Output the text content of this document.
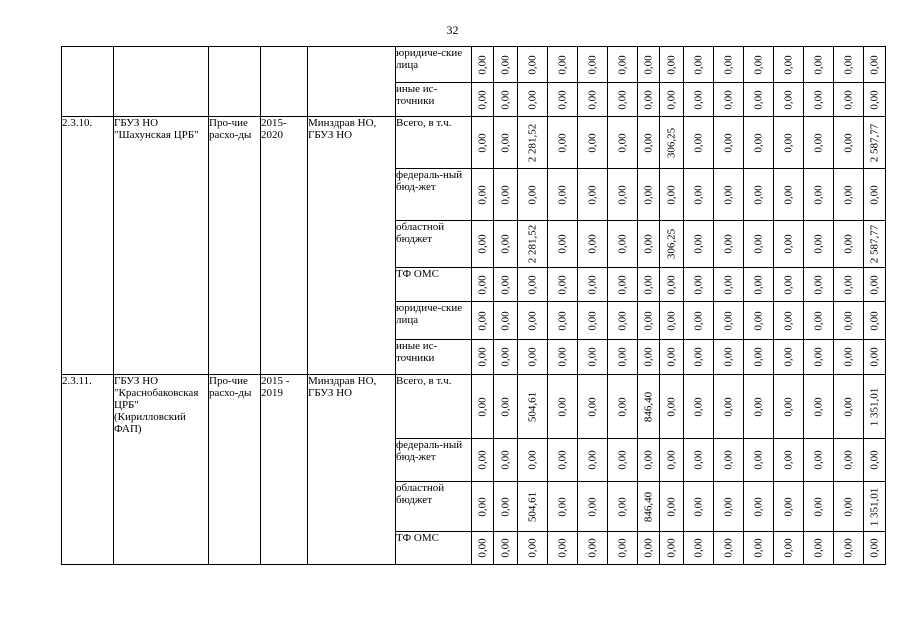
32
					юридиче-ские лица	0,00	0,00	0,00	0,00	0,00	0,00	0,00	0,00	0,00	0,00	0,00	0,00	0,00	0,00	0,00

					иные ис-точники	0,00	0,00	0,00	0,00	0,00	0,00	0,00	0,00	0,00	0,00	0,00	0,00	0,00	0,00	0,00

2.3.10.	ГБУЗ НО "Шахунская ЦРБ"	Про-чие расхо-ды	2015-2020	Минздрав НО, ГБУЗ НО	Всего, в т.ч.	0,00	0,00	2 281,52	0,00	0,00	0,00	0,00	306,25	0,00	0,00	0,00	0,00	0,00	0,00	2 587,77

					федераль-ный бюд-жет	0,00	0,00	0,00	0,00	0,00	0,00	0,00	0,00	0,00	0,00	0,00	0,00	0,00	0,00	0,00

					областной бюджет	0,00	0,00	2 281,52	0,00	0,00	0,00	0,00	306,25	0,00	0,00	0,00	0,00	0,00	0,00	2 587,77

					ТФ ОМС	0,00	0,00	0,00	0,00	0,00	0,00	0,00	0,00	0,00	0,00	0,00	0,00	0,00	0,00	0,00

					юридиче-ские лица	0,00	0,00	0,00	0,00	0,00	0,00	0,00	0,00	0,00	0,00	0,00	0,00	0,00	0,00	0,00

					иные ис-точники	0,00	0,00	0,00	0,00	0,00	0,00	0,00	0,00	0,00	0,00	0,00	0,00	0,00	0,00	0,00

2.3.11.	ГБУЗ НО "Краснобаковская ЦРБ" (Кирилловский ФАП)	Про-чие расхо-ды	2015 - 2019	Минздрав НО, ГБУЗ НО	Всего, в т.ч.	0,00	0,00	504,61	0,00	0,00	0,00	846,40	0,00	0,00	0,00	0,00	0,00	0,00	0,00	1 351,01

					федераль-ный бюд-жет	0,00	0,00	0,00	0,00	0,00	0,00	0,00	0,00	0,00	0,00	0,00	0,00	0,00	0,00	0,00

					областной бюджет	0,00	0,00	504,61	0,00	0,00	0,00	846,40	0,00	0,00	0,00	0,00	0,00	0,00	0,00	1 351,01

					ТФ ОМС	0,00	0,00	0,00	0,00	0,00	0,00	0,00	0,00	0,00	0,00	0,00	0,00	0,00	0,00	0,00
